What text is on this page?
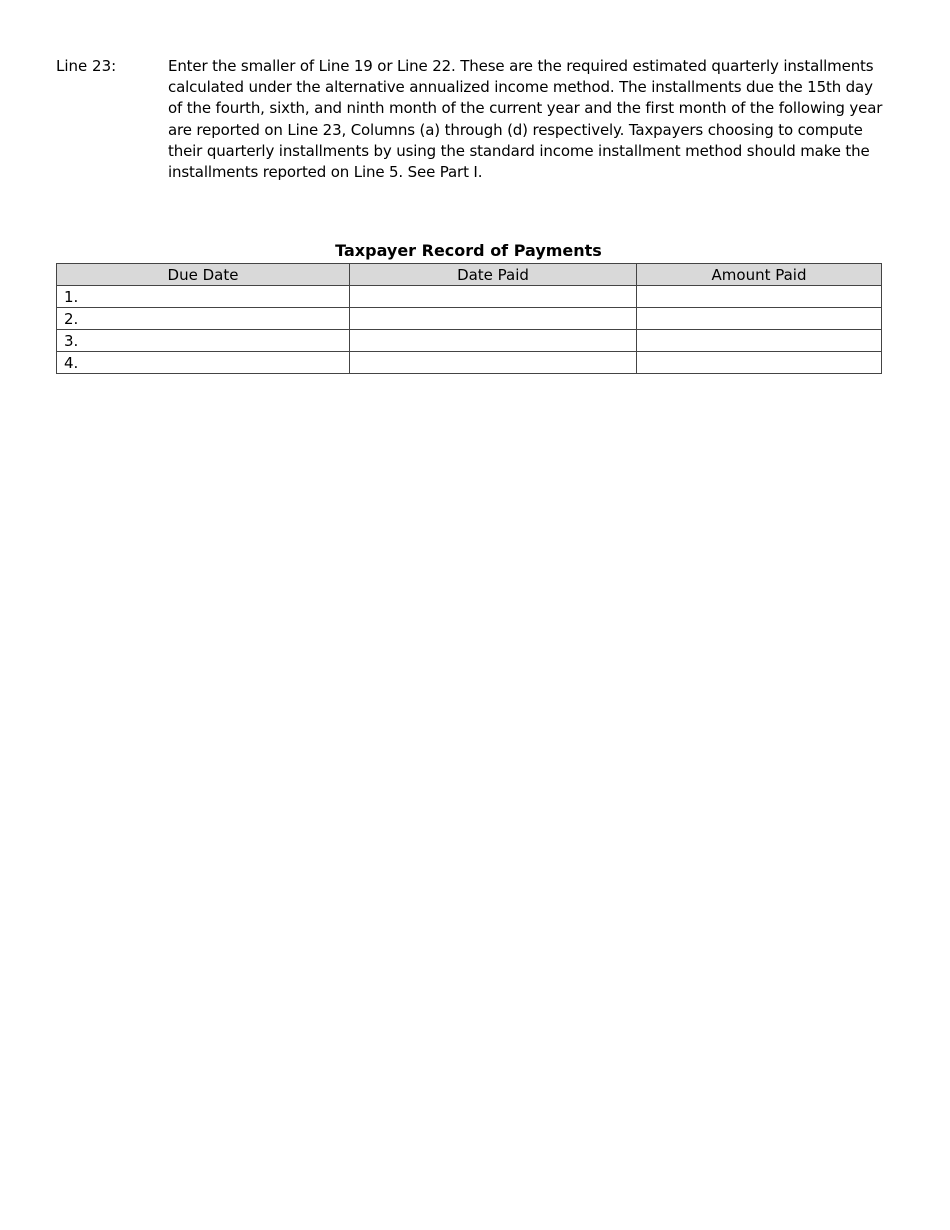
Line 23:	Enter the smaller of Line 19 or Line 22. These are the required estimated quarterly installments calculated under the alternative annualized income method. The installments due the 15th day of the fourth, sixth, and ninth month of the current year and the first month of the following year are reported on Line 23, Columns (a) through (d) respectively. Taxpayers choosing to compute their quarterly installments by using the standard income installment method should make the installments reported on Line 5. See Part I.
Taxpayer Record of Payments
Due Date	Date Paid	Amount Paid
1.		
2.		
3.		
4.		
